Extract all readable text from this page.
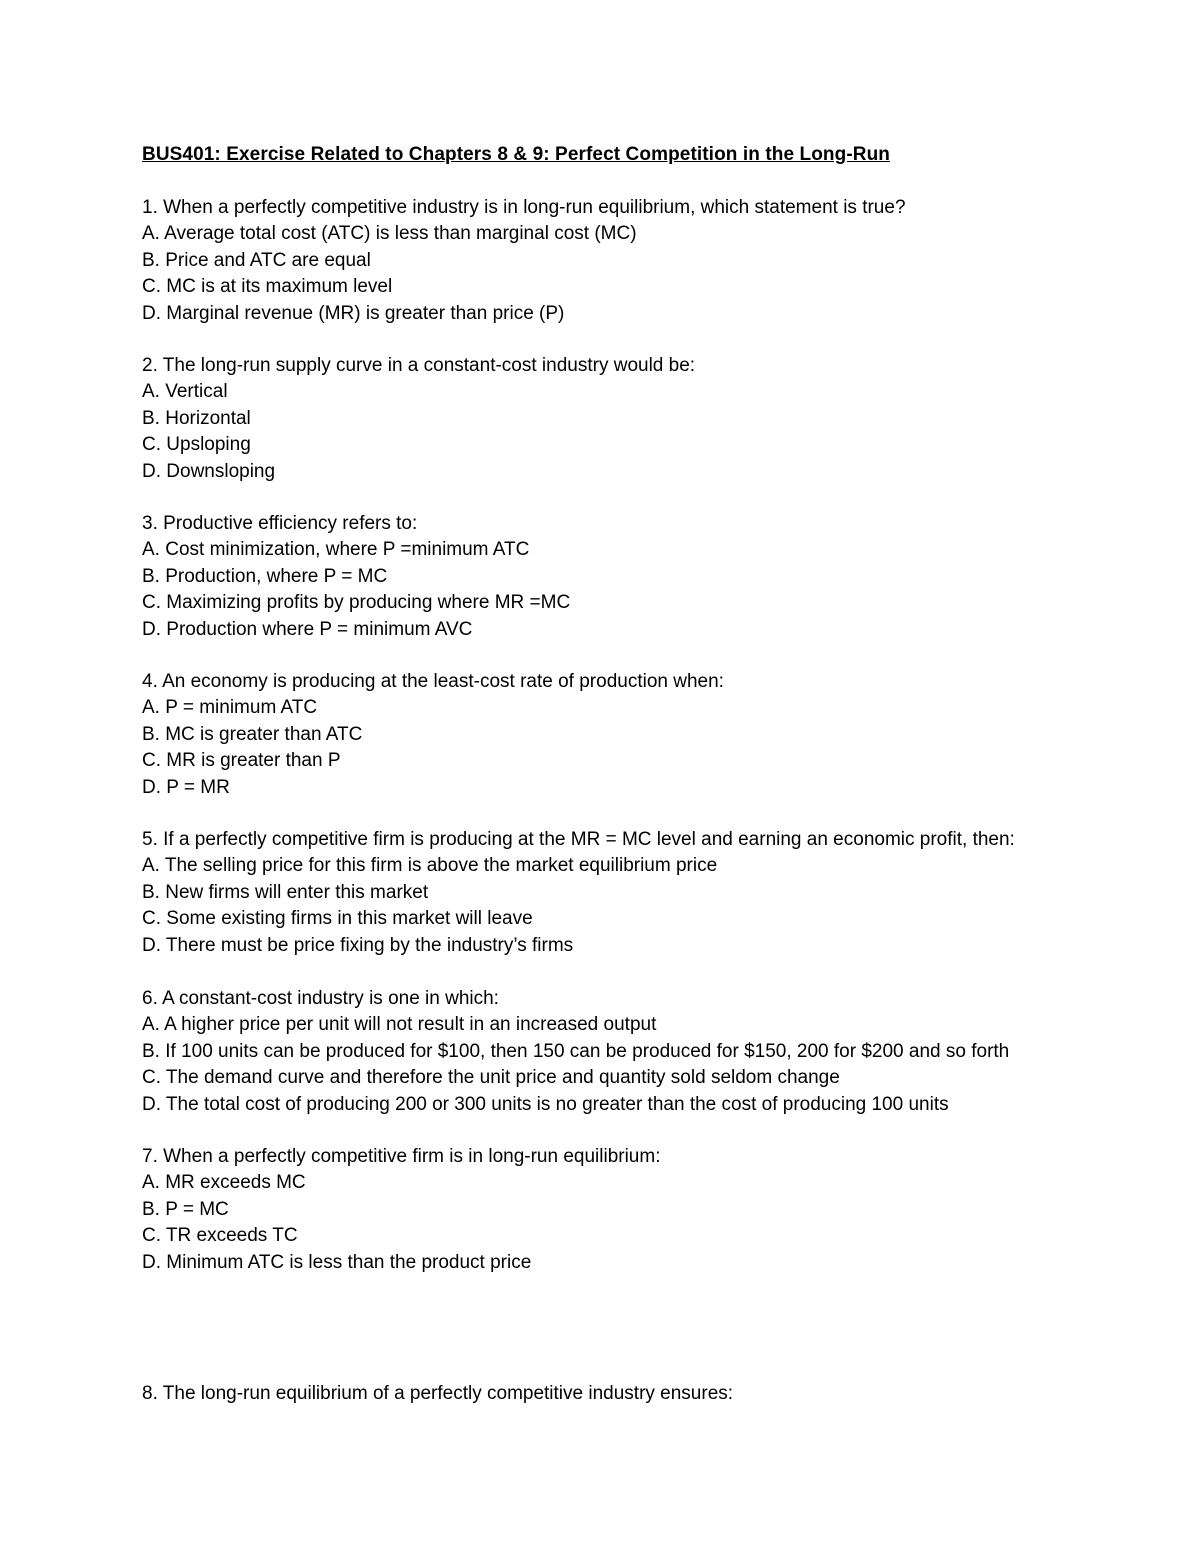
BUS401: Exercise Related to Chapters 8 & 9: Perfect Competition in the Long-Run
1. When a perfectly competitive industry is in long-run equilibrium, which statement is true?
A. Average total cost (ATC) is less than marginal cost (MC)
B. Price and ATC are equal
C. MC is at its maximum level
D. Marginal revenue (MR) is greater than price (P)
2. The long-run supply curve in a constant-cost industry would be:
A. Vertical
B. Horizontal
C. Upsloping
D. Downsloping
3. Productive efficiency refers to:
A. Cost minimization, where P =minimum ATC
B. Production, where P = MC
C. Maximizing profits by producing where MR =MC
D. Production where P = minimum AVC
4. An economy is producing at the least-cost rate of production when:
A. P = minimum ATC
B. MC is greater than ATC
C. MR is greater than P
D. P = MR
5. If a perfectly competitive firm is producing at the MR = MC level and earning an economic profit, then:
A. The selling price for this firm is above the market equilibrium price
B. New firms will enter this market
C. Some existing firms in this market will leave
D. There must be price fixing by the industry’s firms
6. A constant-cost industry is one in which:
A. A higher price per unit will not result in an increased output
B. If 100 units can be produced for $100, then 150 can be produced for $150, 200 for $200 and so forth
C. The demand curve and therefore the unit price and quantity sold seldom change
D. The total cost of producing 200 or 300 units is no greater than the cost of producing 100 units
7. When a perfectly competitive firm is in long-run equilibrium:
A. MR exceeds MC
B. P = MC
C. TR exceeds TC
D. Minimum ATC is less than the product price
8. The long-run equilibrium of a perfectly competitive industry ensures:
